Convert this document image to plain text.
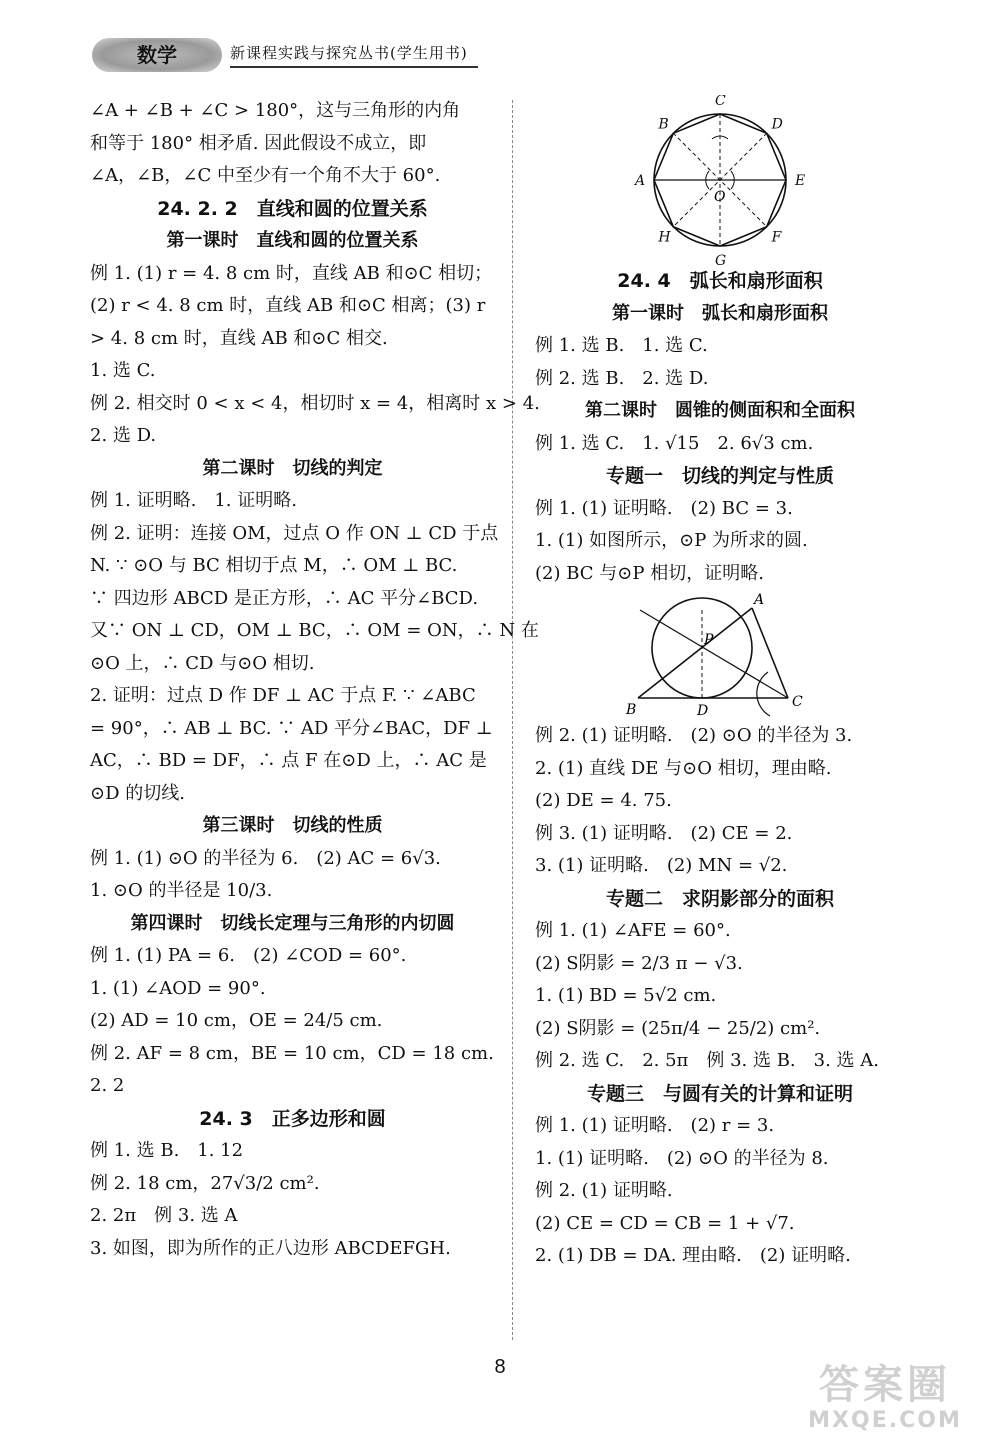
数学	新课程实践与探究丛书(学生用书)

∠A + ∠B + ∠C > 180°，这与三角形的内角

和等于 180° 相矛盾. 因此假设不成立，即

∠A，∠B，∠C 中至少有一个角不大于 60°.

24. 2. 2　直线和圆的位置关系

第一课时　直线和圆的位置关系

例 1. (1) r = 4. 8 cm 时，直线 AB 和⊙C 相切；

(2) r < 4. 8 cm 时，直线 AB 和⊙C 相离；(3) r

> 4. 8 cm 时，直线 AB 和⊙C 相交.

1. 选 C.

例 2. 相交时 0 < x < 4，相切时 x = 4，相离时 x > 4.

2. 选 D.

第二课时　切线的判定

例 1. 证明略.　1. 证明略.

例 2. 证明：连接 OM，过点 O 作 ON ⊥ CD 于点

N. ∵ ⊙O 与 BC 相切于点 M，∴ OM ⊥ BC.

∵ 四边形 ABCD 是正方形，∴ AC 平分∠BCD.

又∵ ON ⊥ CD，OM ⊥ BC，∴ OM = ON，∴ N 在

⊙O 上，∴ CD 与⊙O 相切.

2. 证明：过点 D 作 DF ⊥ AC 于点 F. ∵ ∠ABC

= 90°，∴ AB ⊥ BC. ∵ AD 平分∠BAC，DF ⊥

AC，∴ BD = DF，∴ 点 F 在⊙D 上，∴ AC 是

⊙D 的切线.

第三课时　切线的性质

例 1. (1) ⊙O 的半径为 6.　(2) AC = 6√3.

1. ⊙O 的半径是 10/3.

第四课时　切线长定理与三角形的内切圆

例 1. (1) PA = 6.　(2) ∠COD = 60°.

1. (1) ∠AOD = 90°.

(2) AD = 10 cm，OE = 24/5 cm.

例 2. AF = 8 cm，BE = 10 cm，CD = 18 cm.

2. 2

24. 3　正多边形和圆

例 1. 选 B.　1. 12

例 2. 18 cm，27√3/2 cm².

2. 2π　例 3. 选 A

3. 如图，即为所作的正八边形 ABCDEFGH.

C
D
E
F
G
H
A
B
O

24. 4　弧长和扇形面积

第一课时　弧长和扇形面积

例 1. 选 B.　1. 选 C.

例 2. 选 B.　2. 选 D.

第二课时　圆锥的侧面积和全面积

例 1. 选 C.　1. √15　2. 6√3 cm.

专题一　切线的判定与性质

例 1. (1) 证明略.　(2) BC = 3.

1. (1) 如图所示，⊙P 为所求的圆.

(2) BC 与⊙P 相切，证明略.

A
P
B	D
C

例 2. (1) 证明略.　(2) ⊙O 的半径为 3.

2. (1) 直线 DE 与⊙O 相切，理由略.

(2) DE = 4. 75.

例 3. (1) 证明略.　(2) CE = 2.

3. (1) 证明略.　(2) MN = √2.

专题二　求阴影部分的面积

例 1. (1) ∠AFE = 60°.

(2) S阴影 = 2/3 π − √3.

1. (1) BD = 5√2 cm.

(2) S阴影 = (25π/4 − 25/2) cm².

例 2. 选 C.　2. 5π　例 3. 选 B.　3. 选 A.

专题三　与圆有关的计算和证明

例 1. (1) 证明略.　(2) r = 3.

1. (1) 证明略.　(2) ⊙O 的半径为 8.

例 2. (1) 证明略.

(2) CE = CD = CB = 1 + √7.

2. (1) DB = DA. 理由略.　(2) 证明略.

8	答案圈
MXQE.COM
